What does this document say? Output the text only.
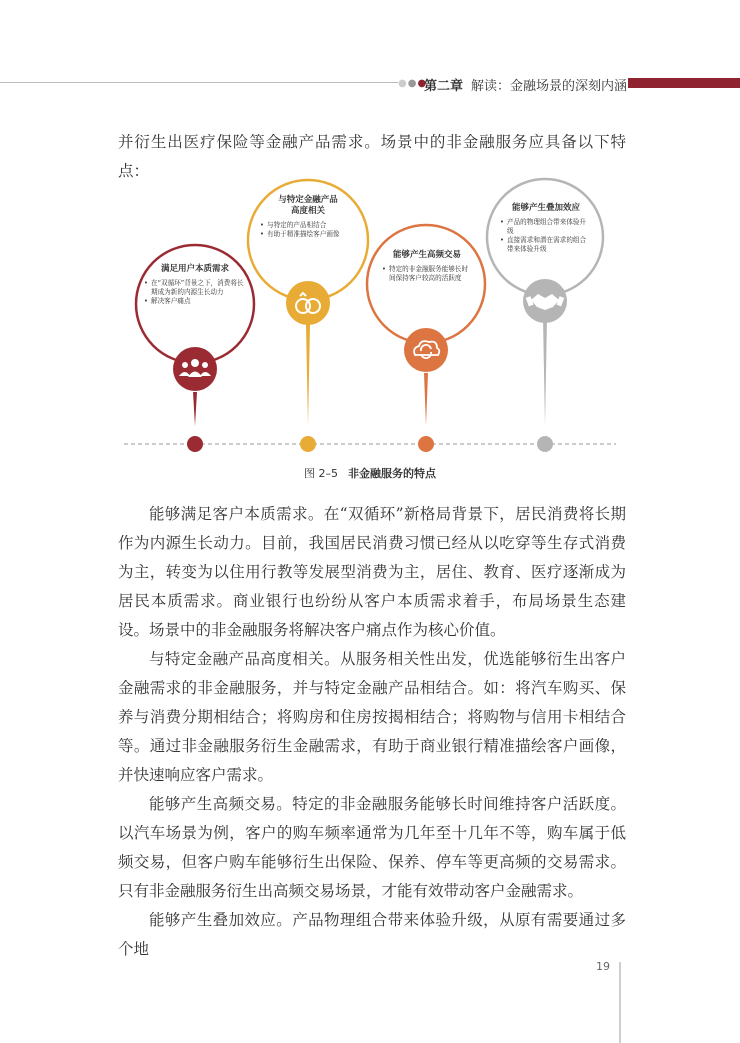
●●●
第二章 解读：金融场景的深刻内涵
并衍生出医疗保险等金融产品需求。场景中的非金融服务应具备以下特点：
满足用户本质需求
• 在“双循环”背景之下，消费将长期成为新的内源生长动力
• 解决客户痛点
与特定金融产品高度相关
• 与特定的产品相结合
• 有助于精准描绘客户画像
能够产生高频交易
• 特定的非金融服务能够长时间保持客户较高的活跃度
能够产生叠加效应
• 产品的物理组合带来体验升级
• 直接需求和潜在需求的组合带来体验升级
图 2–5 非金融服务的特点
能够满足客户本质需求。在“双循环”新格局背景下，居民消费将长期作为内源生长动力。目前，我国居民消费习惯已经从以吃穿等生存式消费为主，转变为以住用行教等发展型消费为主，居住、教育、医疗逐渐成为居民本质需求。商业银行也纷纷从客户本质需求着手，布局场景生态建设。场景中的非金融服务将解决客户痛点作为核心价值。
与特定金融产品高度相关。从服务相关性出发，优选能够衍生出客户金融需求的非金融服务，并与特定金融产品相结合。如：将汽车购买、保养与消费分期相结合；将购房和住房按揭相结合；将购物与信用卡相结合等。通过非金融服务衍生金融需求，有助于商业银行精准描绘客户画像，并快速响应客户需求。
能够产生高频交易。特定的非金融服务能够长时间维持客户活跃度。以汽车场景为例，客户的购车频率通常为几年至十几年不等，购车属于低频交易，但客户购车能够衍生出保险、保养、停车等更高频的交易需求。只有非金融服务衍生出高频交易场景，才能有效带动客户金融需求。
能够产生叠加效应。产品物理组合带来体验升级，从原有需要通过多个地
19
